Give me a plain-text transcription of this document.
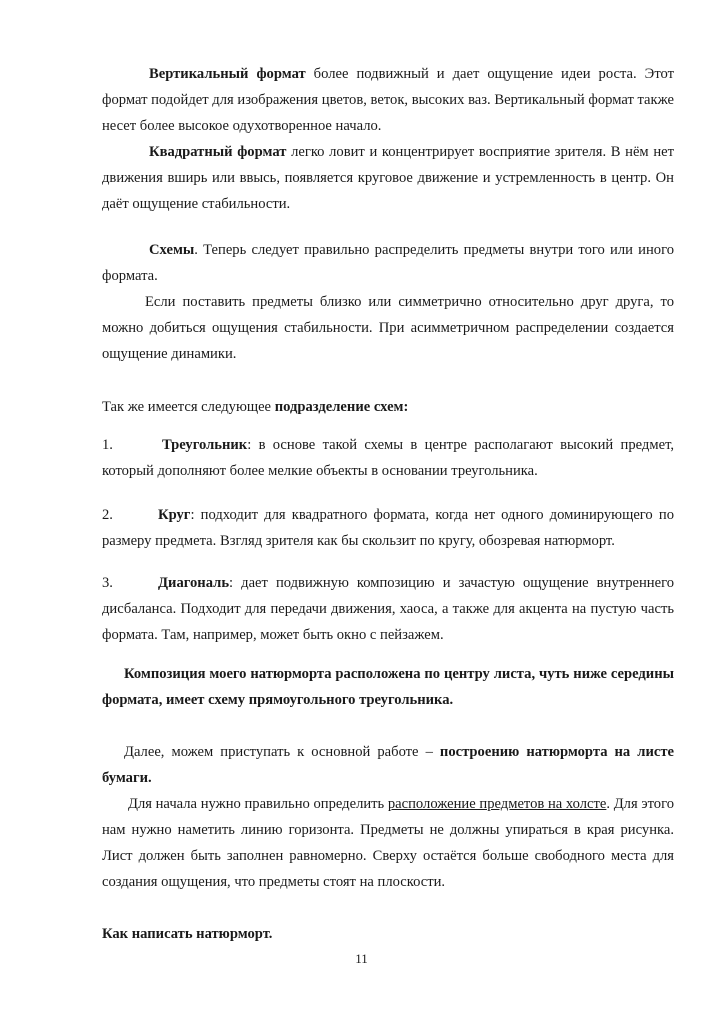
Вертикальный формат более подвижный и дает ощущение идеи роста. Этот формат подойдет для изображения цветов, веток, высоких ваз. Вертикальный формат также несет более высокое одухотворенное начало.

Квадратный формат легко ловит и концентрирует восприятие зрителя. В нём нет движения вширь или ввысь, появляется круговое движение и устремленность в центр. Он даёт ощущение стабильности.

Схемы. Теперь следует правильно распределить предметы внутри того или иного формата.

Если поставить предметы близко или симметрично относительно друг друга, то можно добиться ощущения стабильности. При асимметричном распределении создается ощущение динамики.

Так же имеется следующее подразделение схем:

1.	Треугольник: в основе такой схемы в центре располагают высокий предмет, который дополняют более мелкие объекты в основании треугольника.

2.	Круг: подходит для квадратного формата, когда нет одного доминирующего по размеру предмета. Взгляд зрителя как бы скользит по кругу, обозревая натюрморт.

3.	Диагональ: дает подвижную композицию и зачастую ощущение внутреннего дисбаланса. Подходит для передачи движения, хаоса, а также для акцента на пустую часть формата. Там, например, может быть окно с пейзажем.

Композиция моего натюрморта расположена по центру листа, чуть ниже середины формата, имеет схему прямоугольного треугольника.

Далее, можем приступать к основной работе – построению натюрморта на листе бумаги.

Для начала нужно правильно определить расположение предметов на холсте. Для этого нам нужно наметить линию горизонта. Предметы не должны упираться в края рисунка. Лист должен быть заполнен равномерно. Сверху остаётся больше свободного места для создания ощущения, что предметы стоят на плоскости.

Как написать натюрморт.

11
